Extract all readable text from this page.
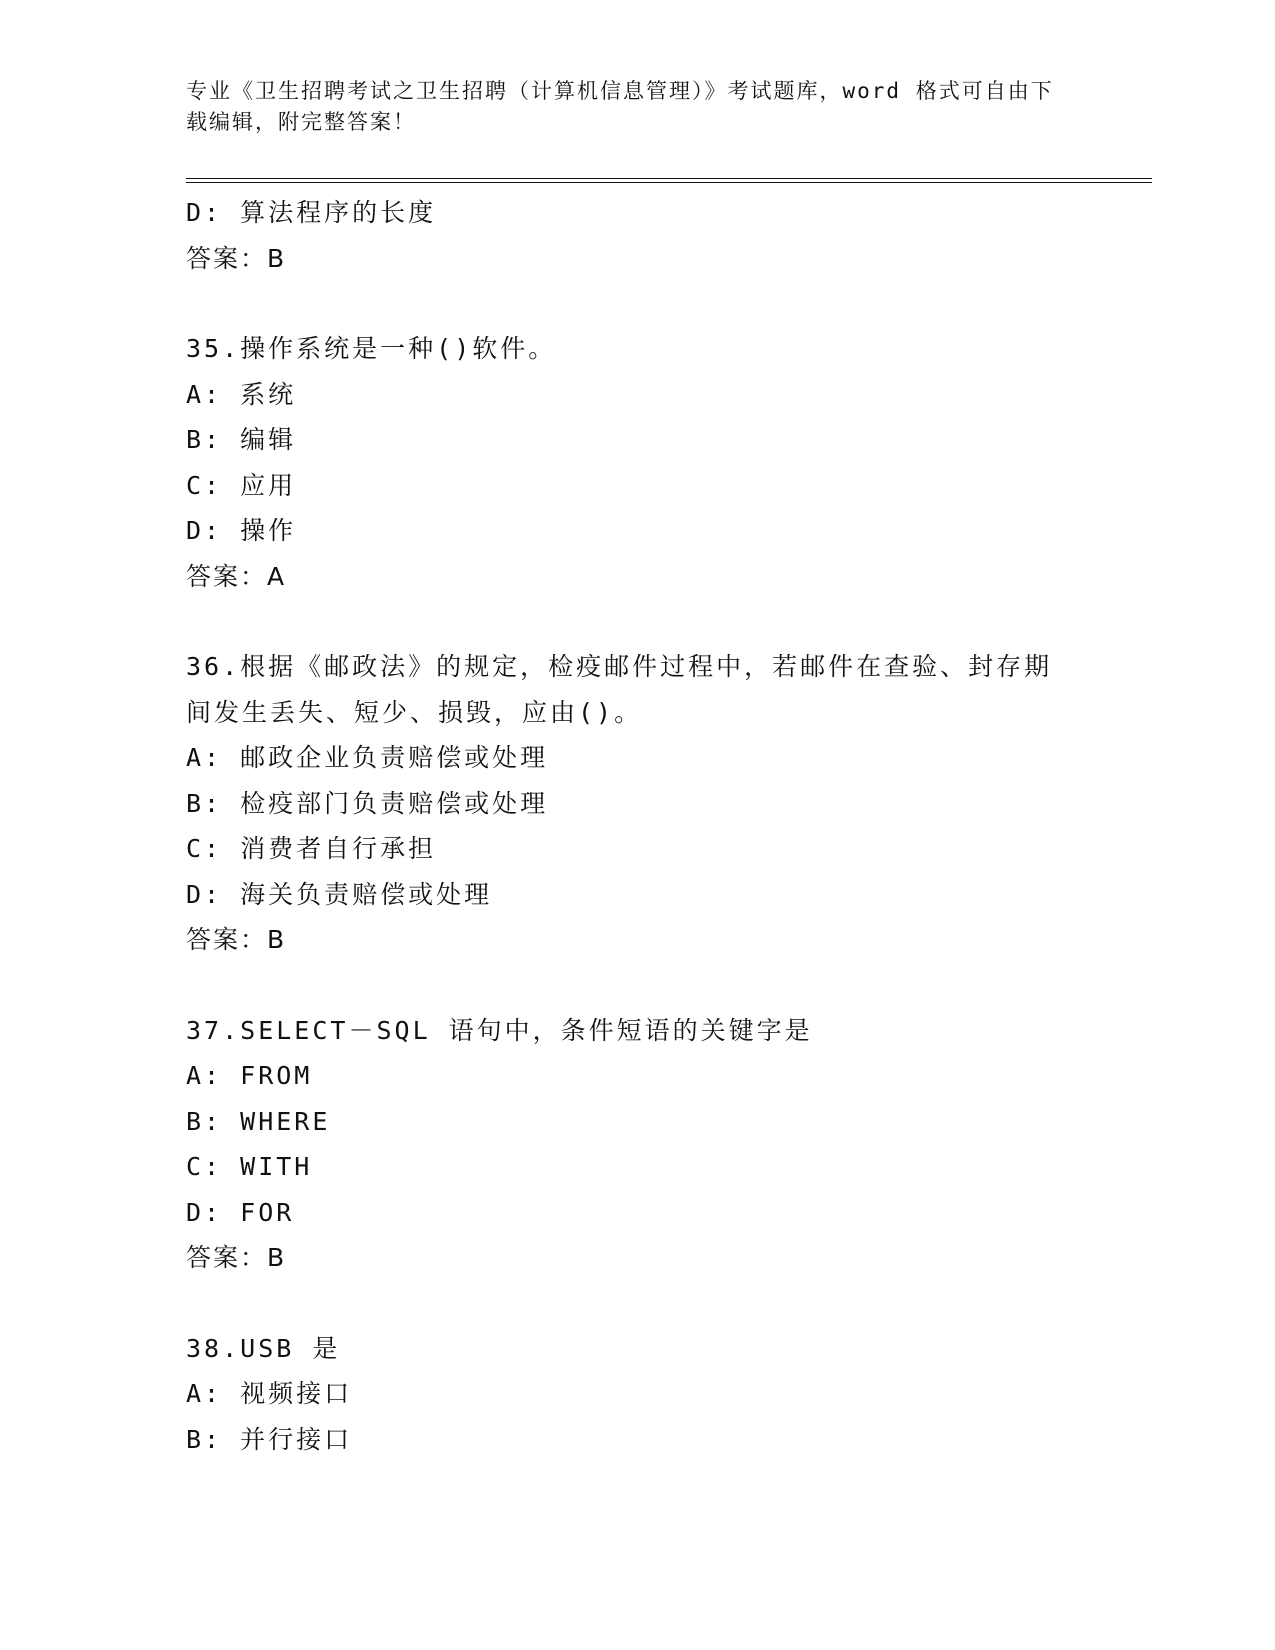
专业《卫生招聘考试之卫生招聘（计算机信息管理）》考试题库，word 格式可自由下载编辑，附完整答案！
D: 算法程序的长度
答案：B
35.操作系统是一种()软件。
A: 系统
B: 编辑
C: 应用
D: 操作
答案：A
36.根据《邮政法》的规定，检疫邮件过程中，若邮件在查验、封存期
间发生丢失、短少、损毁，应由()。
A: 邮政企业负责赔偿或处理
B: 检疫部门负责赔偿或处理
C: 消费者自行承担
D: 海关负责赔偿或处理
答案：B
37.SELECT－SQL 语句中，条件短语的关键字是
A: FROM
B: WHERE
C: WITH
D: FOR
答案：B
38.USB 是
A: 视频接口
B: 并行接口
